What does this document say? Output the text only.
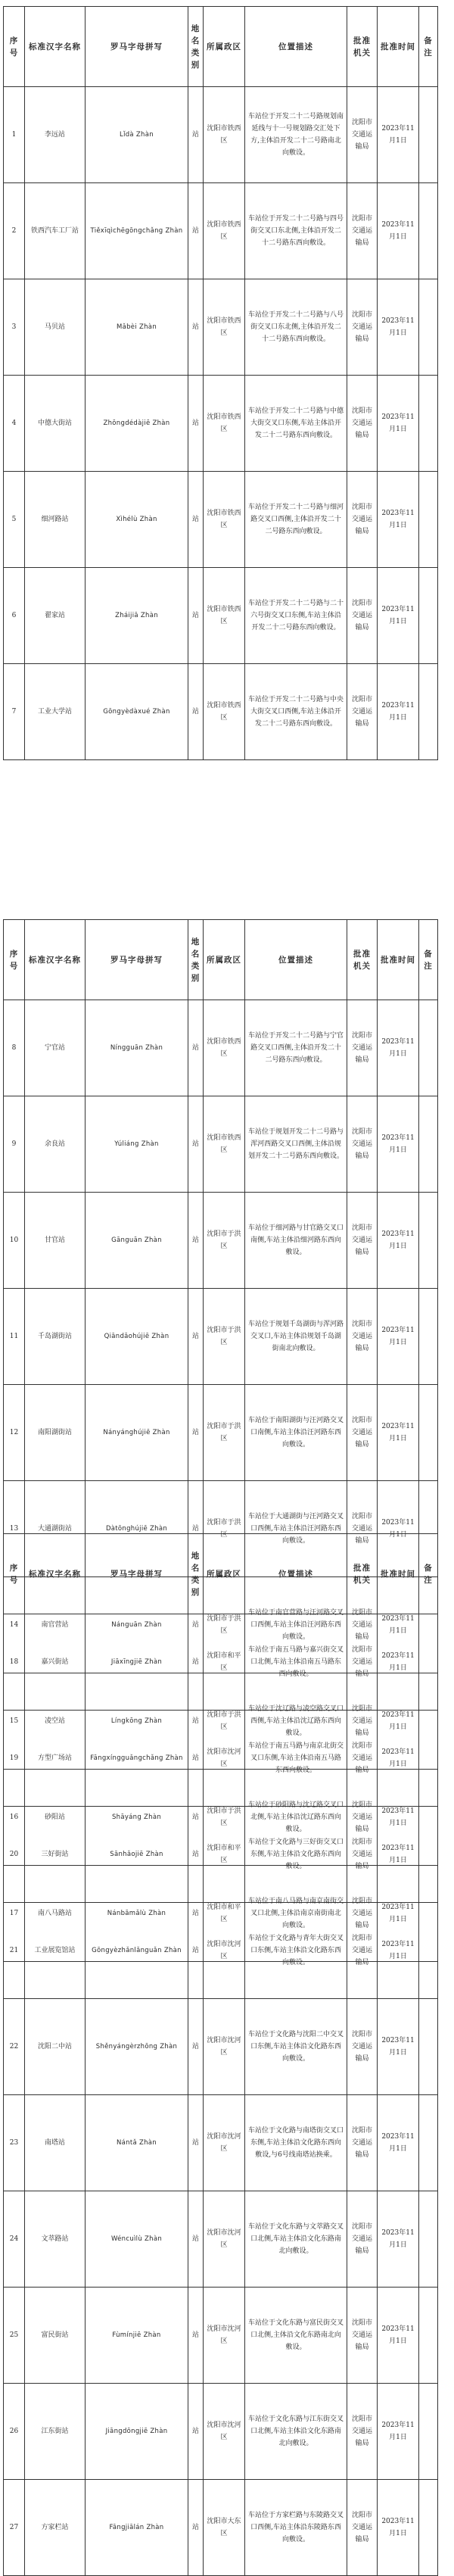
序号	标准汉字名称	罗马字母拼写	地名类别	所属政区	位置描述	批准机关	批准时间	备注
1	李远站	Lǐdà Zhàn	站	沈阳市铁西区	车站位于开发二十二号路规划南延线与十一号规划路交汇处下方,主体沿开发二十二号路南北向敷设。	沈阳市交通运输局	2023年11月1日	
2	铁西汽车工厂站	Tiěxīqìchēgōngchǎng Zhàn	站	沈阳市铁西区	车站位于开发二十二号路与四号街交叉口东北侧,主体沿开发二十二号路东西向敷设。	沈阳市交通运输局	2023年11月1日	
3	马贝站	Mǎbèi Zhàn	站	沈阳市铁西区	车站位于开发二十二号路与八号街交叉口东北侧,主体沿开发二十二号路东西向敷设。	沈阳市交通运输局	2023年11月1日	
4	中德大街站	Zhōngdédàjiē Zhàn	站	沈阳市铁西区	车站位于开发二十二号路与中德大街交叉口东侧,车站主体沿开发二十二号路东西向敷设。	沈阳市交通运输局	2023年11月1日	
5	细河路站	Xìhélù Zhàn	站	沈阳市铁西区	车站位于开发二十二号路与细河路交叉口西侧,主体沿开发二十二号路东西向敷设。	沈阳市交通运输局	2023年11月1日	
6	翟家站	Zháijiā Zhàn	站	沈阳市铁西区	车站位于开发二十二号路与二十六号街交叉口东侧,车站主体沿开发二十二号路东西向敷设。	沈阳市交通运输局	2023年11月1日	
7	工业大学站	Gōngyèdàxué Zhàn	站	沈阳市铁西区	车站位于开发二十二号路与中央大街交叉口西侧,车站主体沿开发二十二号路东西向敷设。	沈阳市交通运输局	2023年11月1日	
序号	标准汉字名称	罗马字母拼写	地名类别	所属政区	位置描述	批准机关	批准时间	备注
8	宁官站	Níngguān Zhàn	站	沈阳市铁西区	车站位于开发二十二号路与宁官路交叉口西侧,主体沿开发二十二号路东西向敷设。	沈阳市交通运输局	2023年11月1日	
9	余良站	Yúliáng Zhàn	站	沈阳市铁西区	车站位于规划开发二十二号路与浑河西路交叉口西侧,主体沿规划开发二十二号路东西向敷设。	沈阳市交通运输局	2023年11月1日	
10	甘官站	Gānguān Zhàn	站	沈阳市于洪区	车站位于细河路与甘官路交叉口南侧,车站主体沿细河路东西向敷设。	沈阳市交通运输局	2023年11月1日	
11	千岛湖街站	Qiāndǎohújiē Zhàn	站	沈阳市于洪区	车站位于规划千岛湖街与浑河路交叉口,车站主体沿规划千岛湖街南北向敷设。	沈阳市交通运输局	2023年11月1日	
12	南阳湖街站	Nányánghújiē Zhàn	站	沈阳市于洪区	车站位于南阳湖街与汪河路交叉口南侧,车站主体沿汪河路东西向敷设。	沈阳市交通运输局	2023年11月1日	
13	大通湖街站	Dàtōnghújiē Zhàn	站	沈阳市于洪区	车站位于大通湖街与汪河路交叉口西侧,车站主体沿汪河路东西向敷设。	沈阳市交通运输局	2023年11月1日	
14	南官营站	Nánguān Zhàn	站	沈阳市于洪区	车站位于南官营路与汪河路交叉口西侧,车站主体沿汪河路东西向敷设。	沈阳市交通运输局	2023年11月1日	
15	凌空站	Língkōng Zhàn	站	沈阳市于洪区	车站位于沈辽路与凌空路交叉口西侧,车站主体沿沈辽路东西向敷设。	沈阳市交通运输局	2023年11月1日	
16	砂阳站	Shāyáng Zhàn	站	沈阳市于洪区	车站位于砂阳路与沈辽路交叉口北侧,车站主体沿沈辽路东西向敷设。	沈阳市交通运输局	2023年11月1日	
17	南八马路站	Nánbāmǎlù Zhàn	站	沈阳市和平区	车站位于南八马路与南京南街交叉口北侧,主体沿南京南街南北向敷设。	沈阳市交通运输局	2023年11月1日	
序号	标准汉字名称	罗马字母拼写	地名类别	所属政区	位置描述	批准机关	批准时间	备注
18	嘉兴街站	Jiāxīngjiē Zhàn	站	沈阳市和平区	车站位于南五马路与嘉兴街交叉口北侧,车站主体沿南五马路东西向敷设。	沈阳市交通运输局	2023年11月1日	
19	方型广场站	Fāngxíngguǎngchǎng Zhàn	站	沈阳市沈河区	车站位于南五马路与南京北街交叉口东侧,车站主体沿南五马路东西向敷设。	沈阳市交通运输局	2023年11月1日	
20	三好街站	Sānhǎojiē Zhàn	站	沈阳市和平区	车站位于文化路与三好街交叉口东侧,车站主体沿文化路东西向敷设。	沈阳市交通运输局	2023年11月1日	
21	工业展览馆站	Gōngyèzhǎnlǎnguǎn Zhàn	站	沈阳市沈河区	车站位于文化路与青年大街交叉口东侧,车站主体沿文化路东西向敷设。	沈阳市交通运输局	2023年11月1日	
22	沈阳二中站	Shěnyángèrzhōng Zhàn	站	沈阳市沈河区	车站位于文化路与沈阳二中交叉口东侧,车站主体沿文化路东西向敷设。	沈阳市交通运输局	2023年11月1日	
23	南塔站	Nántǎ Zhàn	站	沈阳市沈河区	车站位于文化路与南塔街交叉口东侧,车站主体沿文化路东西向敷设,与6号线南塔站换乘。	沈阳市交通运输局	2023年11月1日	
24	文萃路站	Wéncuìlù Zhàn	站	沈阳市沈河区	车站位于文化东路与文萃路交叉口北侧,车站主体沿文化东路南北向敷设。	沈阳市交通运输局	2023年11月1日	
25	富民街站	Fùmínjiē Zhàn	站	沈阳市沈河区	车站位于文化东路与富民街交叉口北侧,主体沿文化东路南北向敷设。	沈阳市交通运输局	2023年11月1日	
26	江东街站	Jiāngdōngjiē Zhàn	站	沈阳市沈河区	车站位于文化东路与江东街交叉口北侧,车站主体沿文化东路南北向敷设。	沈阳市交通运输局	2023年11月1日	
27	方家栏站	Fāngjiālán Zhàn	站	沈阳市大东区	车站位于方家栏路与东陵路交叉口西侧,车站主体沿东陵路东西向敷设。	沈阳市交通运输局	2023年11月1日	
